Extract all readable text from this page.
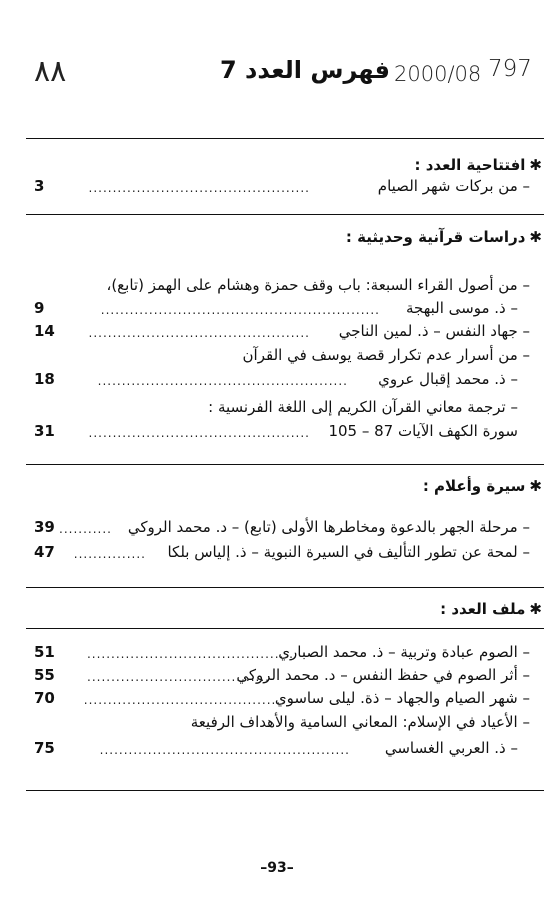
۸۸	فهرس العدد 7 2000/08 797
✱افتتاحية العدد :
– من بركات شهر الصيام
..............................................
3
✱دراسات قرآنية وحديثية :
– من أصول القراء السبعة: باب وقف حمزة وهشام على الهمز (تابع)،
– ذ. موسى البهجة
..........................................................
9
– جهاد النفس – ذ. لمين الناجي
..............................................
14
– من أسرار عدم تكرار قصة يوسف في القرآن
– ذ. محمد إقبال عروي
....................................................
18
– ترجمة معاني القرآن الكريم إلى اللغة الفرنسية :
سورة الكهف الآيات 87 – 105
..............................................
31
✱سيرة وأعلام :
– مرحلة الجهر بالدعوة ومخاطرها الأولى (تابع) – د. محمد الروكي
...........
39
– لمحة عن تطور التأليف في السيرة النبوية – ذ. إلياس بلكا
...............
47
✱ملف العدد :
– الصوم عبادة وتربية – ذ. محمد الصباري
...........................................
51
– أثر الصوم في حفظ النفس – د. محمد الروكي
......................................
55
– شهر الصيام والجهاد – ذة. ليلى ساسوي
..........................................
70
– الأعياد في الإسلام: المعاني السامية والأهداف الرفيعة
– ذ. العربي الغساسي
....................................................
75
–93–
